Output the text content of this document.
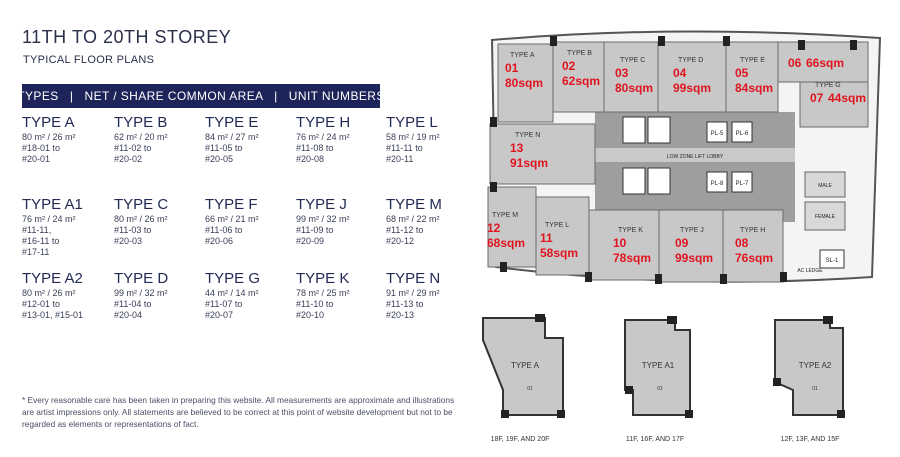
11TH TO 20TH STOREY
TYPICAL FLOOR PLANS
TYPES   |   NET / SHARE COMMON AREA   |   UNIT NUMBERS
TYPE A
80 m² / 26 m²
#18-01 to
#20-01
TYPE B
62 m² / 20 m²
#11-02 to
#20-02
TYPE E
84 m² / 27 m²
#11-05 to
#20-05
TYPE H
76 m² / 24 m²
#11-08 to
#20-08
TYPE L
58 m² / 19 m²
#11-11 to
#20-11
TYPE A1
76 m² / 24 m²
#11-11,
#16-11 to
#17-11
TYPE C
80 m² / 26 m²
#11-03 to
#20-03
TYPE F
66 m² / 21 m²
#11-06 to
#20-06
TYPE J
99 m² / 32 m²
#11-09 to
#20-09
TYPE M
68 m² / 22 m²
#11-12 to
#20-12
TYPE A2
80 m² / 26 m²
#12-01 to
#13-01, #15-01
TYPE D
99 m² / 32 m²
#11-04 to
#20-04
TYPE G
44 m² / 14 m²
#11-07 to
#20-07
TYPE K
78 m² / 25 m²
#11-10 to
#20-10
TYPE N
91 m² / 29 m²
#11-13 to
#20-13
* Every reasonable care has been taken in preparing this website. All measurements are approximate and illustrations are artist impressions only. All statements are believed to be correct at this point of website development but not to be regarded as elements or representations of fact.
PL-5 PL-6
PL-8 PL-7
SL-1
LOW ZONE LIFT LOBBY
MALE
FEMALE
AC LEDGE
TYPE A
01
80sqm
TYPE B
02
62sqm
TYPE C
03
80sqm
TYPE D
04
99sqm
TYPE E
05
84sqm
06 66sqm
TYPE G
07 44sqm
TYPE H
08
76sqm
TYPE J
09
99sqm
TYPE K
10
78sqm
TYPE L
11
58sqm
TYPE M
12
68sqm
TYPE N
13
91sqm
TYPE A
01
18F, 19F, AND 20F
TYPE A1
01
11F, 16F, AND 17F
TYPE A2
01
12F, 13F, AND 15F
